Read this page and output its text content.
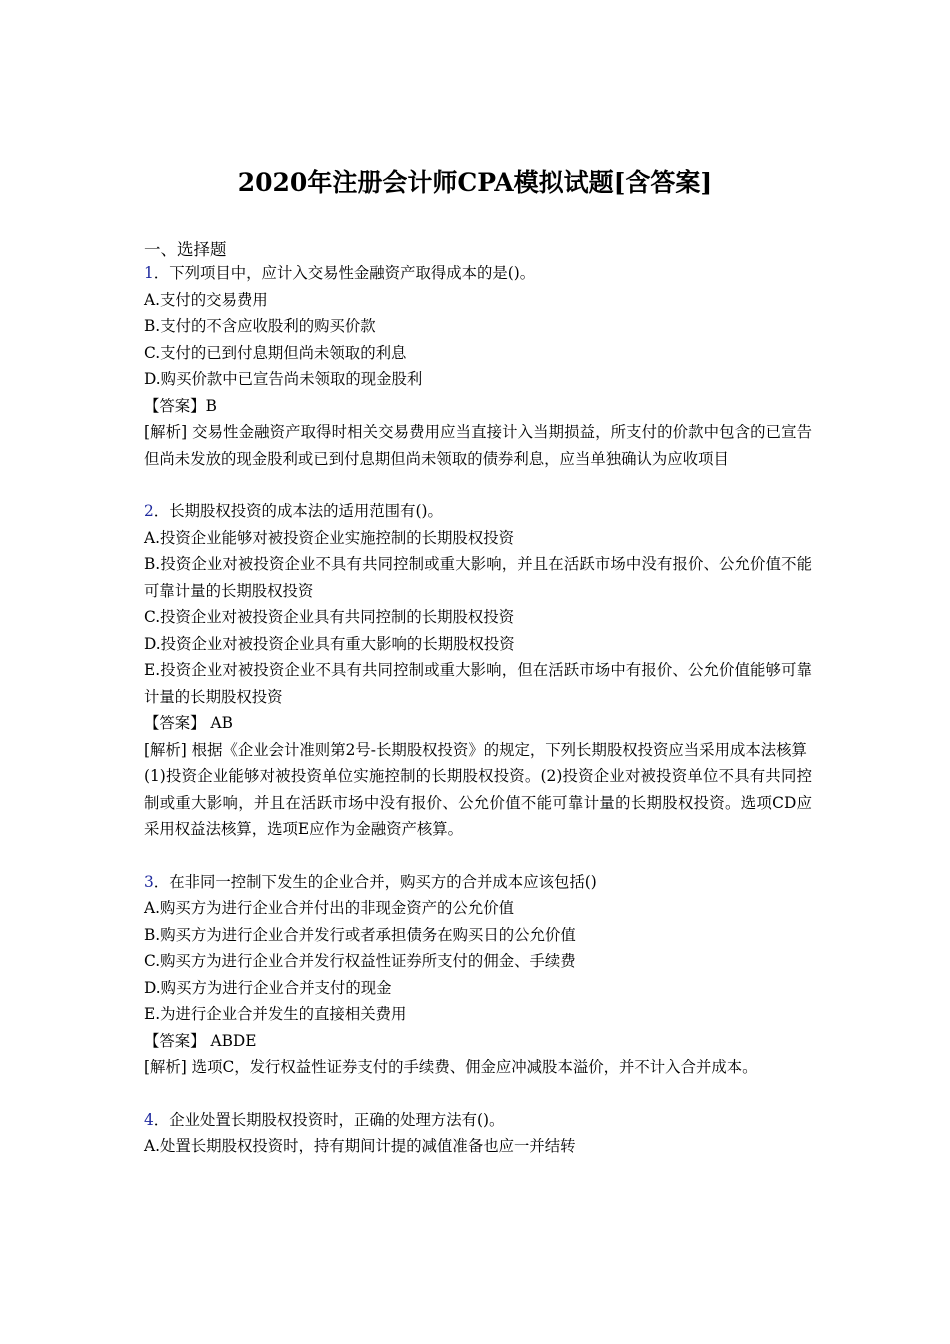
2020年注册会计师CPA模拟试题[含答案]

一、选择题

1．下列项目中，应计入交易性金融资产取得成本的是()。

A.支付的交易费用

B.支付的不含应收股利的购买价款

C.支付的已到付息期但尚未领取的利息

D.购买价款中已宣告尚未领取的现金股利

【答案】B

[解析] 交易性金融资产取得时相关交易费用应当直接计入当期损益，所支付的价款中包含的已宣告但尚未发放的现金股利或已到付息期但尚未领取的债券利息，应当单独确认为应收项目

2．长期股权投资的成本法的适用范围有()。

A.投资企业能够对被投资企业实施控制的长期股权投资

B.投资企业对被投资企业不具有共同控制或重大影响，并且在活跃市场中没有报价、公允价值不能可靠计量的长期股权投资

C.投资企业对被投资企业具有共同控制的长期股权投资

D.投资企业对被投资企业具有重大影响的长期股权投资

E.投资企业对被投资企业不具有共同控制或重大影响，但在活跃市场中有报价、公允价值能够可靠计量的长期股权投资

【答案】 AB

[解析] 根据《企业会计准则第2号-长期股权投资》的规定，下列长期股权投资应当采用成本法核算

(1)投资企业能够对被投资单位实施控制的长期股权投资。(2)投资企业对被投资单位不具有共同控制或重大影响，并且在活跃市场中没有报价、公允价值不能可靠计量的长期股权投资。选项CD应采用权益法核算，选项E应作为金融资产核算。

3．在非同一控制下发生的企业合并，购买方的合并成本应该包括()

A.购买方为进行企业合并付出的非现金资产的公允价值

B.购买方为进行企业合并发行或者承担债务在购买日的公允价值

C.购买方为进行企业合并发行权益性证券所支付的佣金、手续费

D.购买方为进行企业合并支付的现金

E.为进行企业合并发生的直接相关费用

【答案】 ABDE

[解析] 选项C，发行权益性证券支付的手续费、佣金应冲减股本溢价，并不计入合并成本。

4．企业处置长期股权投资时，正确的处理方法有()。

A.处置长期股权投资时，持有期间计提的减值准备也应一并结转
